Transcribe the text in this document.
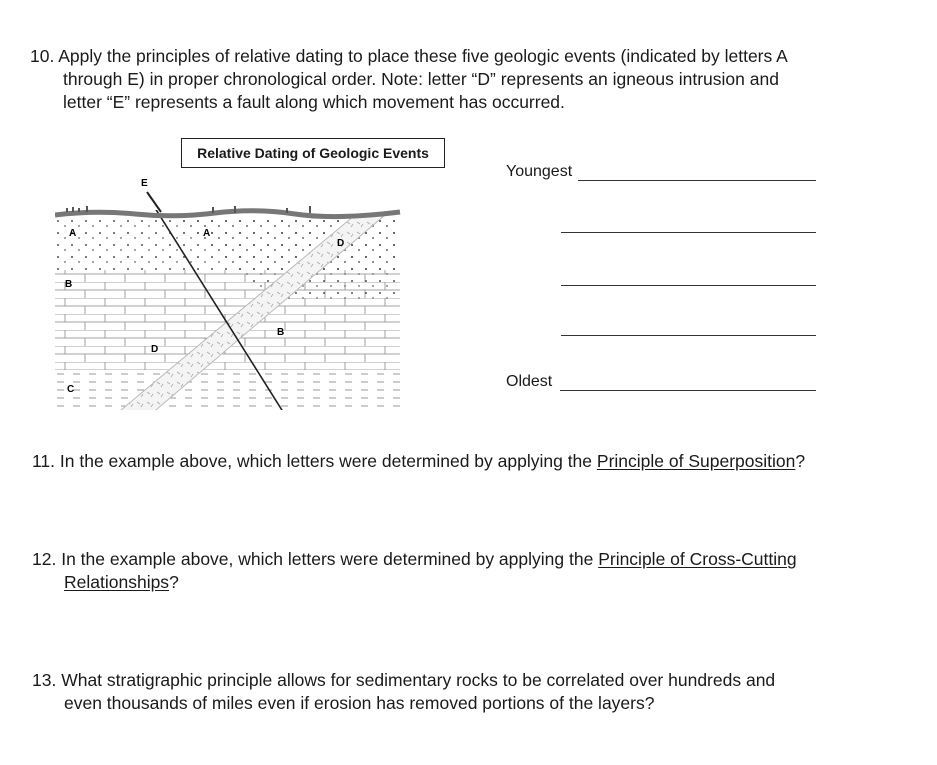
10. Apply the principles of relative dating to place these five geologic events (indicated by letters A
through E) in proper chronological order. Note: letter “D” represents an igneous intrusion and
letter “E” represents a fault along which movement has occurred.
Relative Dating of Geologic Events
E
A	A
B
B
C
D
D
Youngest
Oldest
11. In the example above, which letters were determined by applying the Principle of Superposition?
12. In the example above, which letters were determined by applying the Principle of Cross-Cutting
Relationships?
13. What stratigraphic principle allows for sedimentary rocks to be correlated over hundreds and
even thousands of miles even if erosion has removed portions of the layers?
